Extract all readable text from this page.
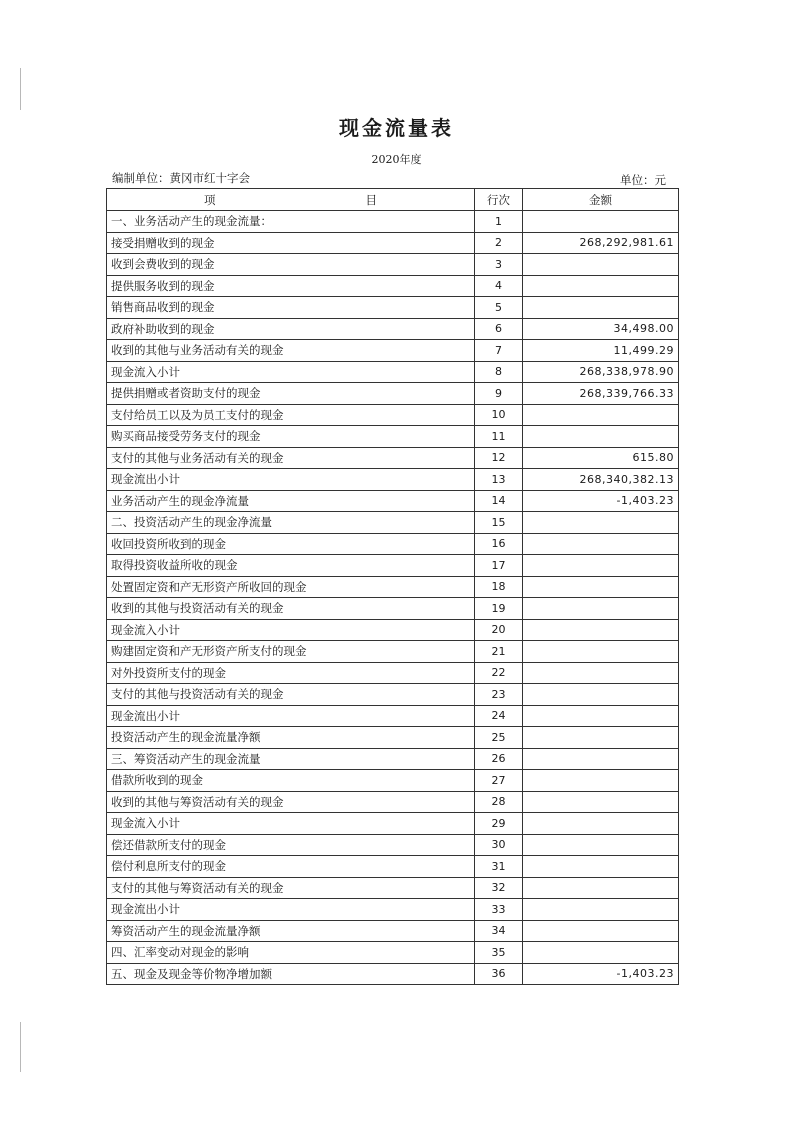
现金流量表
2020年度
编制单位：黄冈市红十字会	单位：元
项 目	行次	金额
一、业务活动产生的现金流量：	1	
接受捐赠收到的现金	2	268,292,981.61
收到会费收到的现金	3	
提供服务收到的现金	4	
销售商品收到的现金	5	
政府补助收到的现金	6	34,498.00
收到的其他与业务活动有关的现金	7	11,499.29
现金流入小计	8	268,338,978.90
提供捐赠或者资助支付的现金	9	268,339,766.33
支付给员工以及为员工支付的现金	10	
购买商品接受劳务支付的现金	11	
支付的其他与业务活动有关的现金	12	615.80
现金流出小计	13	268,340,382.13
业务活动产生的现金净流量	14	-1,403.23
二、投资活动产生的现金净流量	15	
收回投资所收到的现金	16	
取得投资收益所收的现金	17	
处置固定资和产无形资产所收回的现金	18	
收到的其他与投资活动有关的现金	19	
现金流入小计	20	
购建固定资和产无形资产所支付的现金	21	
对外投资所支付的现金	22	
支付的其他与投资活动有关的现金	23	
现金流出小计	24	
投资活动产生的现金流量净额	25	
三、筹资活动产生的现金流量	26	
借款所收到的现金	27	
收到的其他与筹资活动有关的现金	28	
现金流入小计	29	
偿还借款所支付的现金	30	
偿付利息所支付的现金	31	
支付的其他与筹资活动有关的现金	32	
现金流出小计	33	
筹资活动产生的现金流量净额	34	
四、汇率变动对现金的影响	35	
五、现金及现金等价物净增加额	36	-1,403.23
